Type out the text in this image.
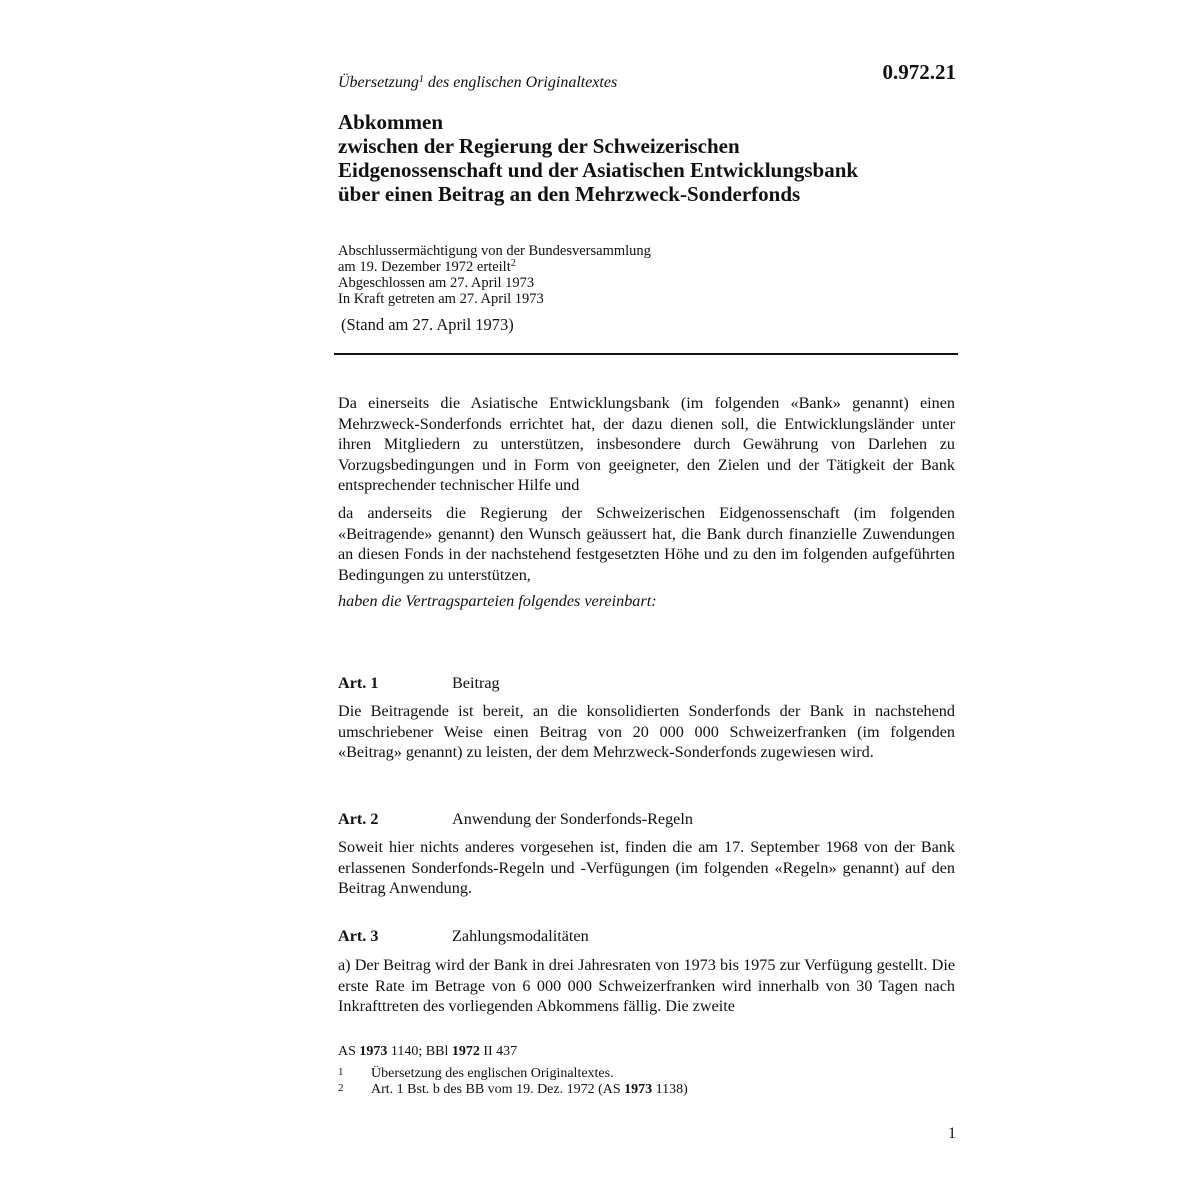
Übersetzung$^1$ des englischen Originaltextes	0.972.21
Abkommen
zwischen der Regierung der Schweizerischen
Eidgenossenschaft und der Asiatischen Entwicklungsbank
über einen Beitrag an den Mehrzweck-Sonderfonds
Abschlussermächtigung von der Bundesversammlung
am 19. Dezember 1972 erteilt$^2$
Abgeschlossen am 27. April 1973
In Kraft getreten am 27. April 1973
(Stand am 27. April 1973)
Da einerseits die Asiatische Entwicklungsbank (im folgenden «Bank» genannt) einen Mehrzweck-Sonderfonds errichtet hat, der dazu dienen soll, die Entwicklungsländer unter ihren Mitgliedern zu unterstützen, insbesondere durch Gewährung von Darlehen zu Vorzugsbedingungen und in Form von geeigneter, den Zielen und der Tätigkeit der Bank entsprechender technischer Hilfe und
da anderseits die Regierung der Schweizerischen Eidgenossenschaft (im folgenden «Beitragende» genannt) den Wunsch geäussert hat, die Bank durch finanzielle Zuwendungen an diesen Fonds in der nachstehend festgesetzten Höhe und zu den im folgenden aufgeführten Bedingungen zu unterstützen,
haben die Vertragsparteien folgendes vereinbart:
Art. 1	Beitrag
Die Beitragende ist bereit, an die konsolidierten Sonderfonds der Bank in nachstehend umschriebener Weise einen Beitrag von 20 000 000 Schweizerfranken (im folgenden «Beitrag» genannt) zu leisten, der dem Mehrzweck-Sonderfonds zugewiesen wird.
Art. 2	Anwendung der Sonderfonds-Regeln
Soweit hier nichts anderes vorgesehen ist, finden die am 17. September 1968 von der Bank erlassenen Sonderfonds-Regeln und -Verfügungen (im folgenden «Regeln» genannt) auf den Beitrag Anwendung.
Art. 3	Zahlungsmodalitäten
a) Der Beitrag wird der Bank in drei Jahresraten von 1973 bis 1975 zur Verfügung gestellt. Die erste Rate im Betrage von 6 000 000 Schweizerfranken wird innerhalb von 30 Tagen nach Inkrafttreten des vorliegenden Abkommens fällig. Die zweite
AS 1973 1140; BBl 1972 II 437
1 Übersetzung des englischen Originaltextes.
2 Art. 1 Bst. b des BB vom 19. Dez. 1972 (AS 1973 1138)
1
